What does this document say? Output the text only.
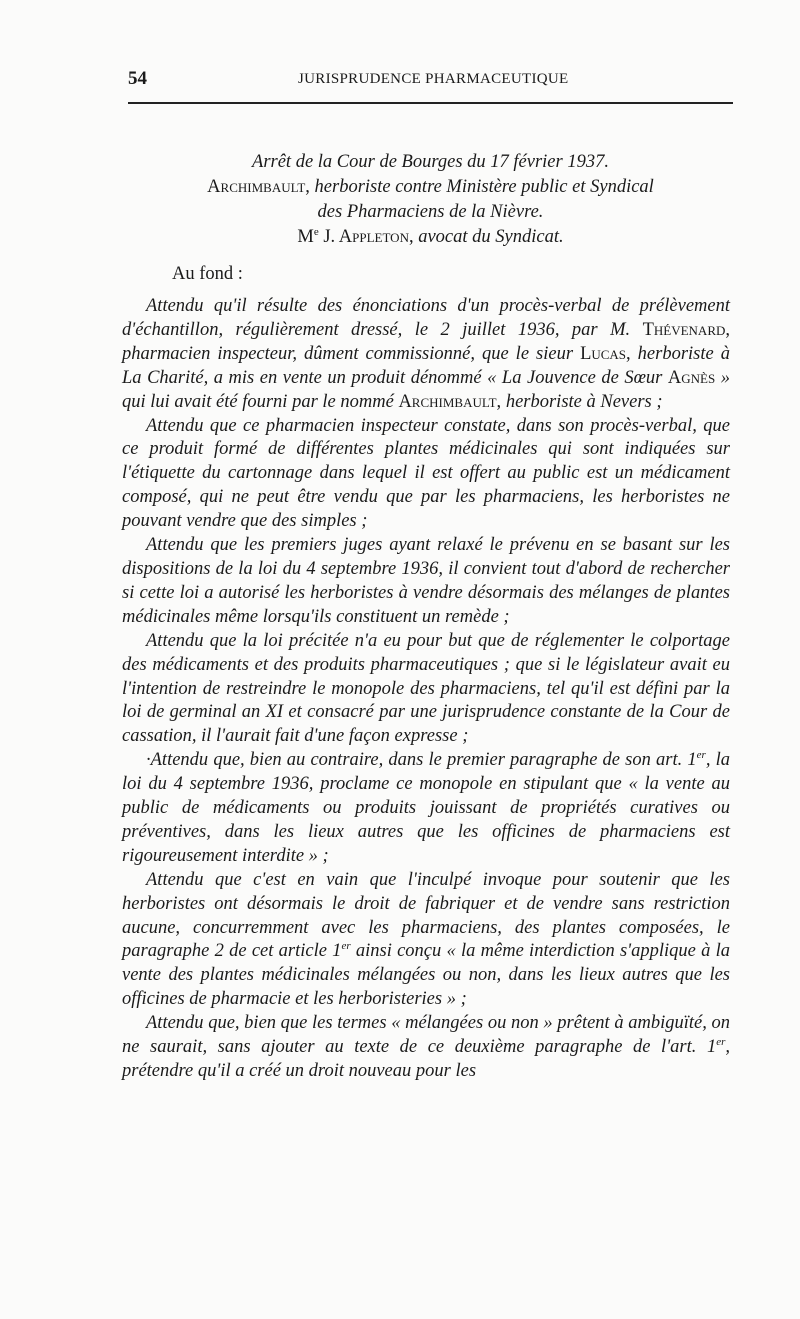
54	JURISPRUDENCE PHARMACEUTIQUE
Arrêt de la Cour de Bourges du 17 février 1937.
Archimbault, herboriste contre Ministère public et Syndical
des Pharmaciens de la Nièvre.
Me J. Appleton, avocat du Syndicat.
Au fond :

Attendu qu'il résulte des énonciations d'un procès-verbal de prélèvement d'échantillon, régulièrement dressé, le 2 juillet 1936, par M. Thévenard, pharmacien inspecteur, dûment commissionné, que le sieur Lucas, herboriste à La Charité, a mis en vente un produit dénommé « La Jouvence de Sœur Agnès » qui lui avait été fourni par le nommé Archimbault, herboriste à Nevers ;

Attendu que ce pharmacien inspecteur constate, dans son procès-verbal, que ce produit formé de différentes plantes médicinales qui sont indiquées sur l'étiquette du cartonnage dans lequel il est offert au public est un médicament composé, qui ne peut être vendu que par les pharmaciens, les herboristes ne pouvant vendre que des simples ;

Attendu que les premiers juges ayant relaxé le prévenu en se basant sur les dispositions de la loi du 4 septembre 1936, il convient tout d'abord de rechercher si cette loi a autorisé les herboristes à vendre désormais des mélanges de plantes médicinales même lorsqu'ils constituent un remède ;

Attendu que la loi précitée n'a eu pour but que de réglementer le colportage des médicaments et des produits pharmaceutiques ; que si le législateur avait eu l'intention de restreindre le monopole des pharmaciens, tel qu'il est défini par la loi de germinal an XI et consacré par une jurisprudence constante de la Cour de cassation, il l'aurait fait d'une façon expresse ;

·Attendu que, bien au contraire, dans le premier paragraphe de son art. 1er, la loi du 4 septembre 1936, proclame ce monopole en stipulant que « la vente au public de médicaments ou produits jouissant de propriétés curatives ou préventives, dans les lieux autres que les officines de pharmaciens est rigoureusement interdite » ;

Attendu que c'est en vain que l'inculpé invoque pour soutenir que les herboristes ont désormais le droit de fabriquer et de vendre sans restriction aucune, concurremment avec les pharmaciens, des plantes composées, le paragraphe 2 de cet article 1er ainsi conçu « la même interdiction s'applique à la vente des plantes médicinales mélangées ou non, dans les lieux autres que les officines de pharmacie et les herboristeries » ;

Attendu que, bien que les termes « mélangées ou non » prêtent à ambiguïté, on ne saurait, sans ajouter au texte de ce deuxième paragraphe de l'art. 1er, prétendre qu'il a créé un droit nouveau pour les
